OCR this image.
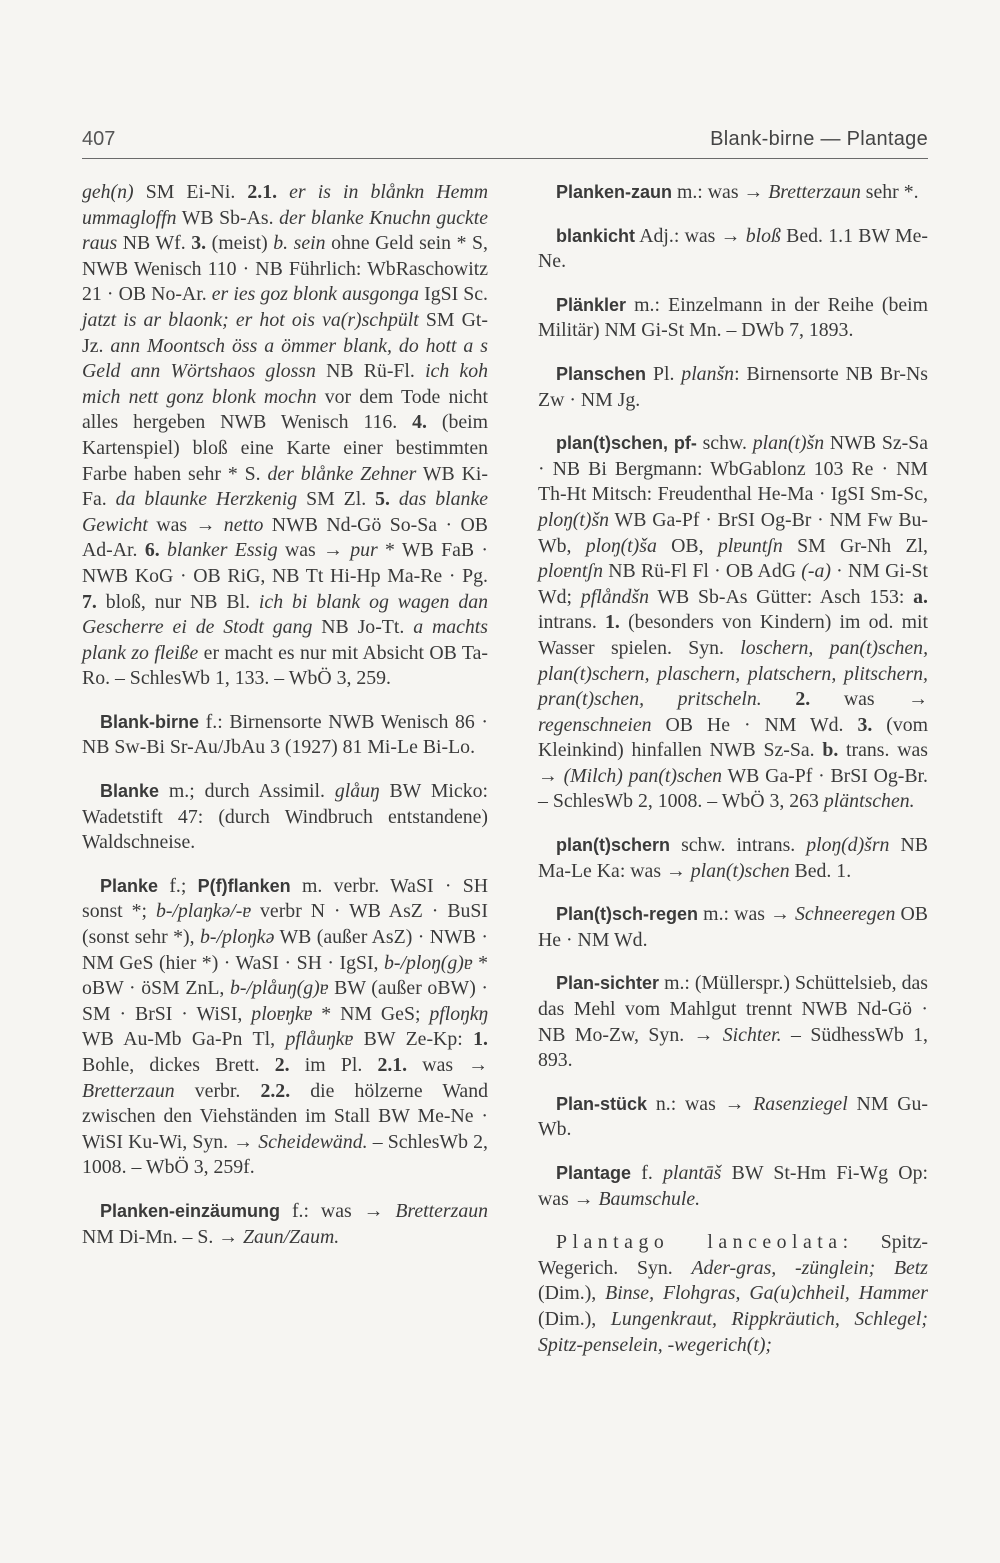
407	Blank-birne — Plantage

geh(n) SM Ei-Ni. 2.1. er is in blånkn Hemm ummagloffn WB Sb-As. der blanke Knuchn guckte raus NB Wf. 3. (meist) b. sein ohne Geld sein * S, NWB Wenisch 110 · NB Führlich: WbRaschowitz 21 · OB No-Ar. er ies goz blonk ausgonga IgSI Sc. jatzt is ar blaonk; er hot ois va(r)schpült SM Gt-Jz. ann Moontsch öss a ömmer blank, do hott a s Geld ann Wörtshaos glossn NB Rü-Fl. ich koh mich nett gonz blonk mochn vor dem Tode nicht alles hergeben NWB Wenisch 116. 4. (beim Kartenspiel) bloß eine Karte einer bestimmten Farbe haben sehr * S. der blånke Zehner WB Ki-Fa. da blaunke Herzkenig SM Zl. 5. das blanke Gewicht was → netto NWB Nd-Gö So-Sa · OB Ad-Ar. 6. blanker Essig was → pur * WB FaB · NWB KoG · OB RiG, NB Tt Hi-Hp Ma-Re · Pg. 7. bloß, nur NB Bl. ich bi blank og wagen dan Gescherre ei de Stodt gang NB Jo-Tt. a machts plank zo fleiße er macht es nur mit Absicht OB Ta-Ro. – SchlesWb 1, 133. – WbÖ 3, 259.

Blank-birne f.: Birnensorte NWB Wenisch 86 · NB Sw-Bi Sr-Au/JbAu 3 (1927) 81 Mi-Le Bi-Lo.

Blanke m.; durch Assimil. glåuŋ BW Micko: Wadetstift 47: (durch Windbruch entstandene) Waldschneise.

Planke f.; P(f)flanken m. verbr. WaSI · SH sonst *; b-/plaŋkə/-ɐ verbr N · WB AsZ · BuSI (sonst sehr *), b-/ploŋkə WB (außer AsZ) · NWB · NM GeS (hier *) · WaSI · SH · IgSI, b-/ploŋ(g)ɐ * oBW · öSM ZnL, b-/plåuŋ(g)ɐ BW (außer oBW) · SM · BrSI · WiSI, ploɐŋkɐ * NM GeS; pfloŋkŋ WB Au-Mb Ga-Pn Tl, pflåuŋkɐ BW Ze-Kp: 1. Bohle, dickes Brett. 2. im Pl. 2.1. was → Bretterzaun verbr. 2.2. die hölzerne Wand zwischen den Viehständen im Stall BW Me-Ne · WiSI Ku-Wi, Syn. → Scheidewänd. – SchlesWb 2, 1008. – WbÖ 3, 259f.

Planken-einzäumung f.: was → Bretterzaun NM Di-Mn. – S. → Zaun/Zaum.

Planken-zaun m.: was → Bretterzaun sehr *.

blankicht Adj.: was → bloß Bed. 1.1 BW Me-Ne.

Plänkler m.: Einzelmann in der Reihe (beim Militär) NM Gi-St Mn. – DWb 7, 1893.

Planschen Pl. planšn: Birnensorte NB Br-Ns Zw · NM Jg.

plan(t)schen, pf- schw. plan(t)šn NWB Sz-Sa · NB Bi Bergmann: WbGablonz 103 Re · NM Th-Ht Mitsch: Freudenthal He-Ma · IgSI Sm-Sc, ploŋ(t)šn WB Ga-Pf · BrSI Og-Br · NM Fw Bu-Wb, ploŋ(t)ša OB, plɐuntʃn SM Gr-Nh Zl, ploɐntʃn NB Rü-Fl Fl · OB AdG (-a) · NM Gi-St Wd; pflåndšn WB Sb-As Gütter: Asch 153: a. intrans. 1. (besonders von Kindern) im od. mit Wasser spielen. Syn. loschern, pan(t)schen, plan(t)schern, plaschern, platschern, plitschern, pran(t)schen, pritscheln. 2. was → regenschneien OB He · NM Wd. 3. (vom Kleinkind) hinfallen NWB Sz-Sa. b. trans. was → (Milch) pan(t)schen WB Ga-Pf · BrSI Og-Br. – SchlesWb 2, 1008. – WbÖ 3, 263 pläntschen.

plan(t)schern schw. intrans. ploŋ(d)šrn NB Ma-Le Ka: was → plan(t)schen Bed. 1.

Plan(t)sch-regen m.: was → Schneeregen OB He · NM Wd.

Plan-sichter m.: (Müllerspr.) Schüttelsieb, das das Mehl vom Mahlgut trennt NWB Nd-Gö · NB Mo-Zw, Syn. → Sichter. – SüdhessWb 1, 893.

Plan-stück n.: was → Rasenziegel NM Gu-Wb.

Plantage f. plantāš BW St-Hm Fi-Wg Op: was → Baumschule.

Plantago lanceolata: Spitz-Wegerich. Syn. Ader-gras, -zünglein; Betz (Dim.), Binse, Flohgras, Ga(u)chheil, Hammer (Dim.), Lungenkraut, Rippkräutich, Schlegel; Spitz-penselein, -wegerich(t);
